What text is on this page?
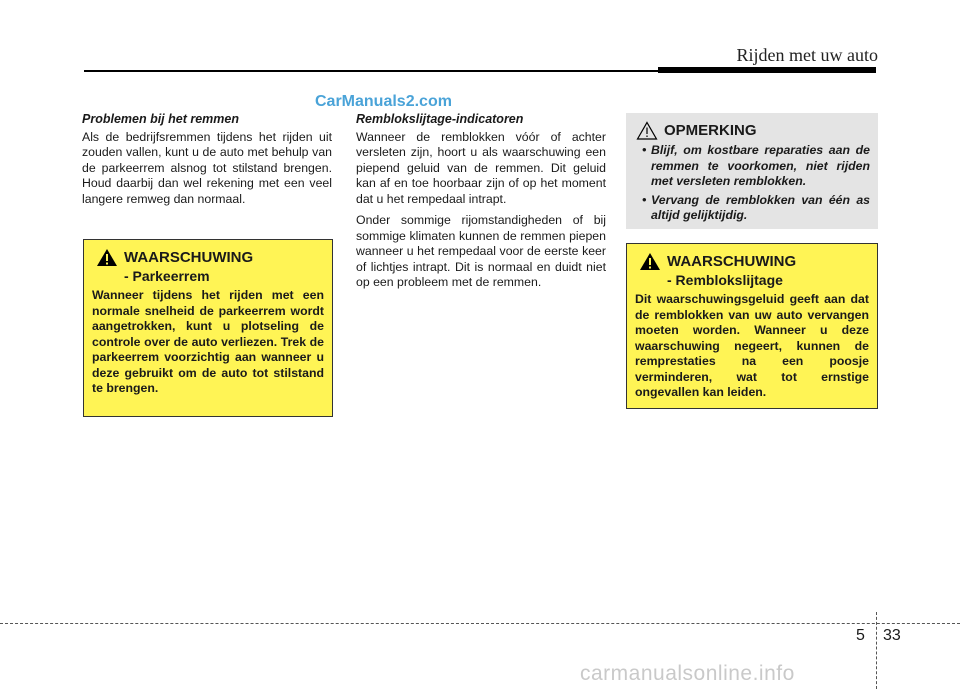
Rijden met uw auto
CarManuals2.com
Problemen bij het remmen

Als de bedrijfsremmen tijdens het rijden uit zouden vallen, kunt u de auto met behulp van de parkeerrem alsnog tot stilstand brengen. Houd daarbij dan wel rekening met een veel langere remweg dan normaal.

WAARSCHUWING
- Parkeerrem
Wanneer tijdens het rijden met een normale snelheid de parkeerrem wordt aangetrokken, kunt u plotseling de controle over de auto verliezen. Trek de parkeerrem voorzichtig aan wanneer u deze gebruikt om de auto tot stilstand te brengen.
Remblokslijtage-indicatoren

Wanneer de remblokken vóór of achter versleten zijn, hoort u als waarschuwing een piepend geluid van de remmen. Dit geluid kan af en toe hoorbaar zijn of op het moment dat u het rempedaal intrapt.

Onder sommige rijomstandigheden of bij sommige klimaten kunnen de remmen piepen wanneer u het rempedaal voor de eerste keer of lichtjes intrapt. Dit is normaal en duidt niet op een probleem met de remmen.

OPMERKING
• Blijf, om kostbare reparaties aan de remmen te voorkomen, niet rijden met versleten remblokken.
• Vervang de remblokken van één as altijd gelijktijdig.
WAARSCHUWING
- Remblokslijtage
Dit waarschuwingsgeluid geeft aan dat de remblokken van uw auto vervangen moeten worden. Wanneer u deze waarschuwing negeert, kunnen de remprestaties na een poosje verminderen, wat tot ernstige ongevallen kan leiden.
5 33
carmanualsonline.info
